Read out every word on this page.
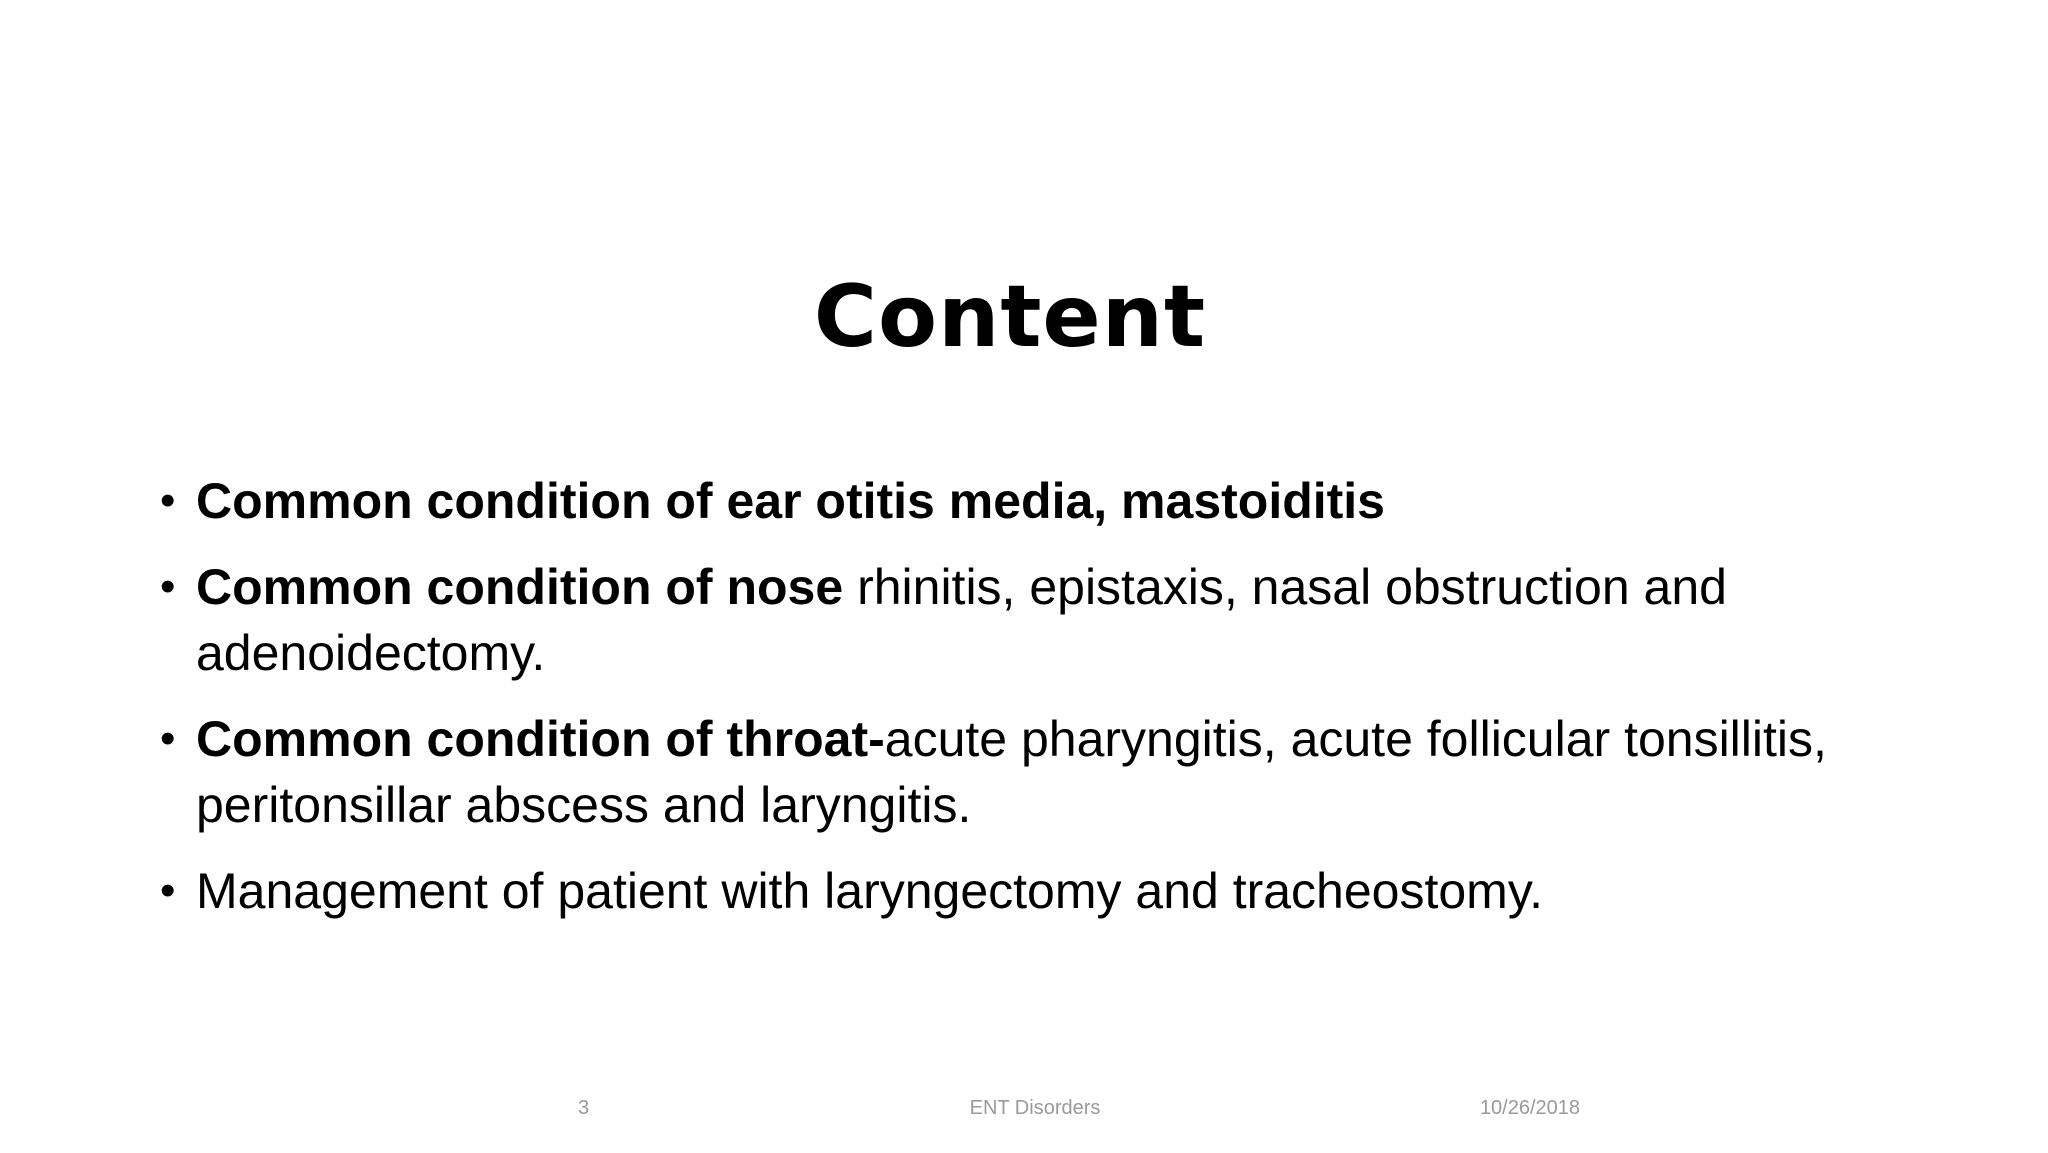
Content
• Common condition of ear otitis media, mastoiditis
• Common condition of nose rhinitis, epistaxis, nasal obstruction and adenoidectomy.
• Common condition of throat-acute pharyngitis, acute follicular tonsillitis, peritonsillar abscess and laryngitis.
• Management of patient with laryngectomy and tracheostomy.
3	ENT Disorders	10/26/2018
